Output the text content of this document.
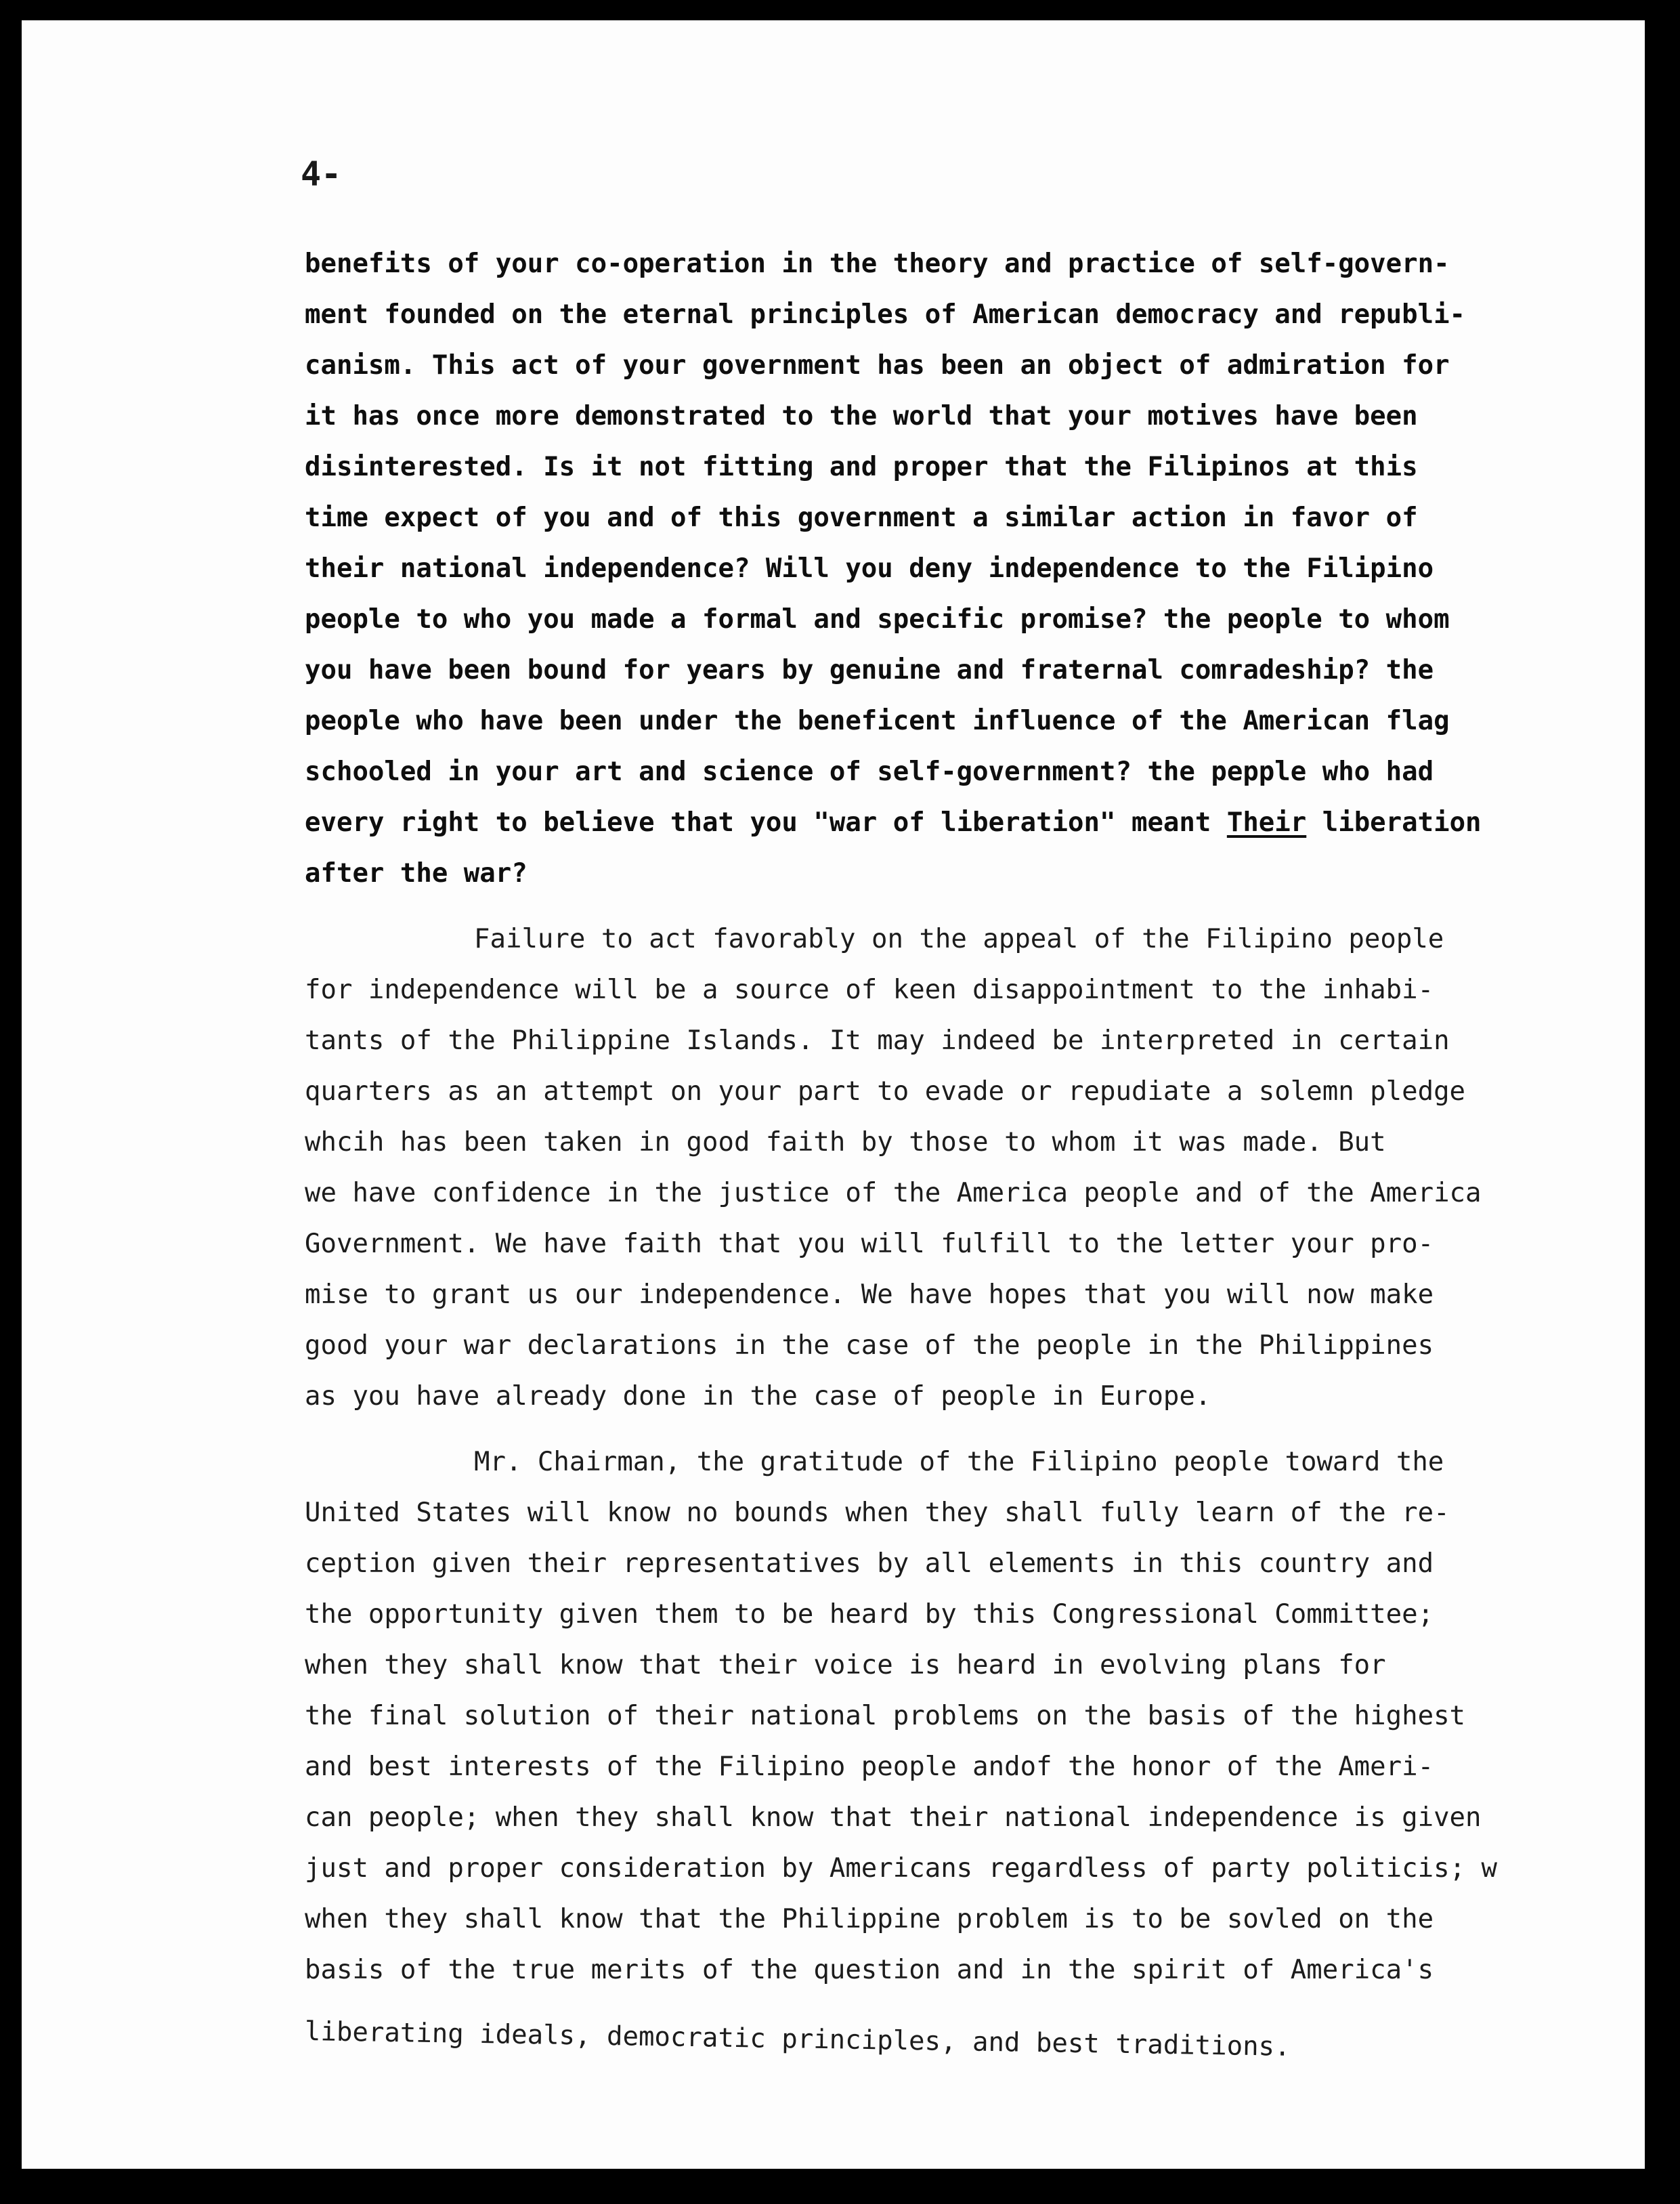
4-

benefits of your co-operation in the theory and practice of self-govern-
ment founded on the eternal principles of American democracy and republi-
canism. This act of your government has been an object of admiration for
it has once more demonstrated to the world that your motives have been
disinterested. Is it not fitting and proper that the Filipinos at this
time expect of you and of this government a similar action in favor of
their national independence? Will you deny independence to the Filipino
people to who you made a formal and specific promise? the people to whom
you have been bound for years by genuine and fraternal comradeship? the
people who have been under the beneficent influence of the American flag
schooled in your art and science of self-government? the pepple who had
every right to believe that you "war of liberation" meant Their liberation
after the war?
Failure to act favorably on the appeal of the Filipino people
for independence will be a source of keen disappointment to the inhabi-
tants of the Philippine Islands. It may indeed be interpreted in certain
quarters as an attempt on your part to evade or repudiate a solemn pledge
whcih has been taken in good faith by those to whom it was made. But
we have confidence in the justice of the America people and of the America
Government. We have faith that you will fulfill to the letter your pro-
mise to grant us our independence. We have hopes that you will now make
good your war declarations in the case of the people in the Philippines
as you have already done in the case of people in Europe.
Mr. Chairman, the gratitude of the Filipino people toward the
United States will know no bounds when they shall fully learn of the re-
ception given their representatives by all elements in this country and
the opportunity given them to be heard by this Congressional Committee;
when they shall know that their voice is heard in evolving plans for
the final solution of their national problems on the basis of the highest
and best interests of the Filipino people andof the honor of the Ameri-
can people; when they shall know that their national independence is given
just and proper consideration by Americans regardless of party politicis; w
when they shall know that the Philippine problem is to be sovled on the
basis of the true merits of the question and in the spirit of America's
liberating ideals, democratic principles, and best traditions.
